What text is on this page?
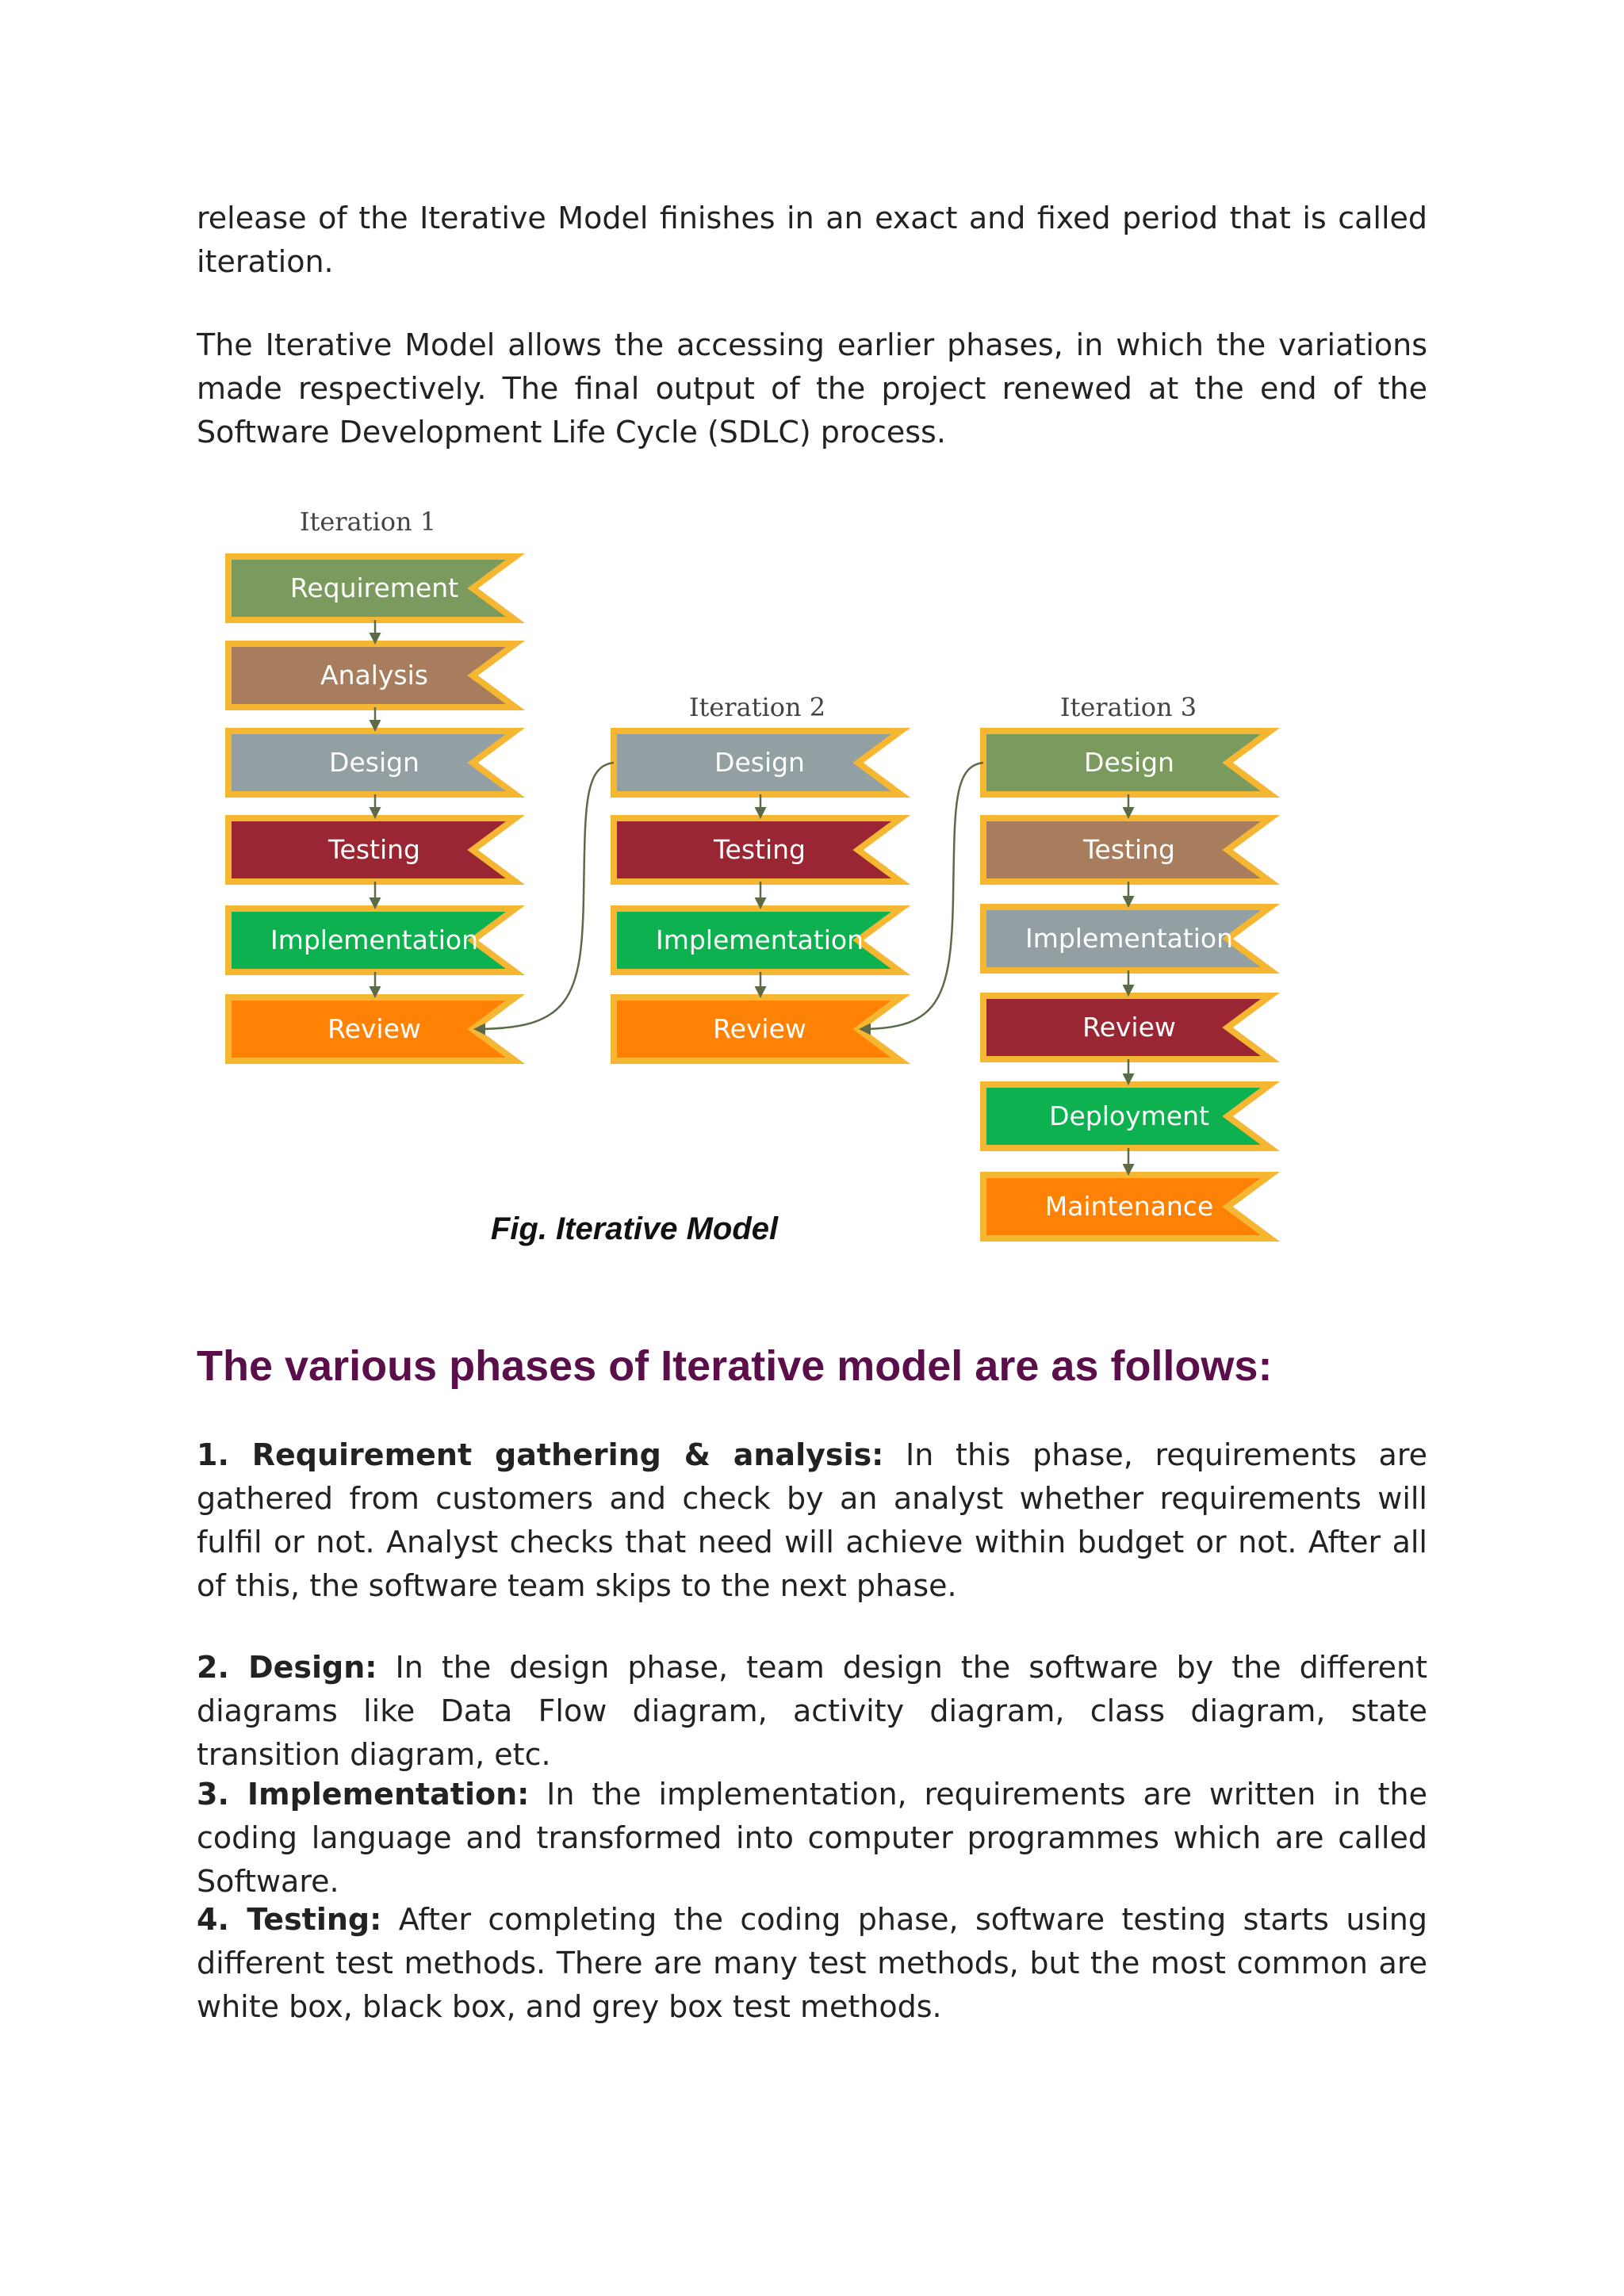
release of the Iterative Model finishes in an exact and fixed period that is called iteration.

The Iterative Model allows the accessing earlier phases, in which the variations made respectively. The final output of the project renewed at the end of the Software Development Life Cycle (SDLC) process.

Iteration 1
Iteration 2	Iteration 3
Requirement
Analysis
Design
Testing
Implementation
Review
Design
Testing
Implementation
Review
Design
Testing
Implementation
Review
Deployment
Maintenance
Fig. Iterative Model
The various phases of Iterative model are as follows:

1. Requirement gathering & analysis: In this phase, requirements are gathered from customers and check by an analyst whether requirements will fulfil or not. Analyst checks that need will achieve within budget or not. After all of this, the software team skips to the next phase.

2. Design: In the design phase, team design the software by the different diagrams like Data Flow diagram, activity diagram, class diagram, state transition diagram, etc.

3. Implementation: In the implementation, requirements are written in the coding language and transformed into computer programmes which are called Software.

4. Testing: After completing the coding phase, software testing starts using different test methods. There are many test methods, but the most common are white box, black box, and grey box test methods.
